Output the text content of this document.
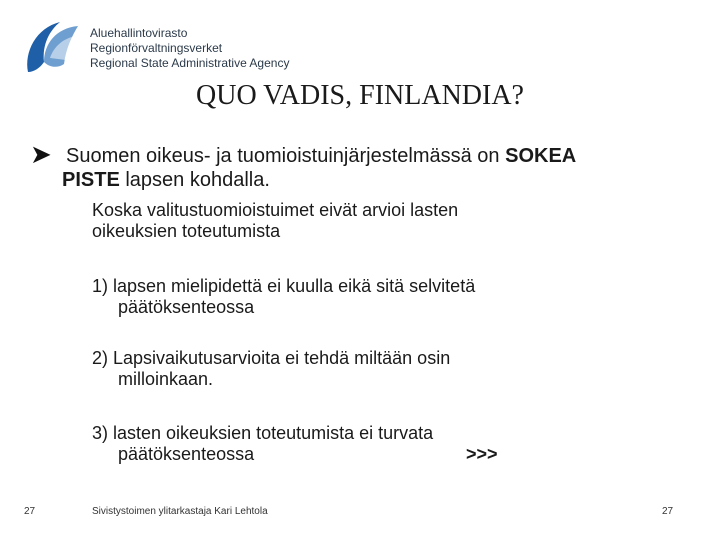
Aluehallintovirasto
Regionförvaltningsverket
Regional State Administrative Agency
QUO VADIS, FINLANDIA?
➤ Suomen oikeus- ja tuomioistuinjärjestelmässä on SOKEA
PISTE lapsen kohdalla.
Koska valitustuomioistuimet eivät arvioi lasten
oikeuksien toteutumista
1) lapsen mielipidettä ei kuulla eikä sitä selvitetä
päätöksenteossa
2) Lapsivaikutusarvioita ei tehdä miltään osin
milloinkaan.
3) lasten oikeuksien toteutumista ei turvata
päätöksenteossa	>>>
27	Sivistystoimen ylitarkastaja Kari Lehtola	27
